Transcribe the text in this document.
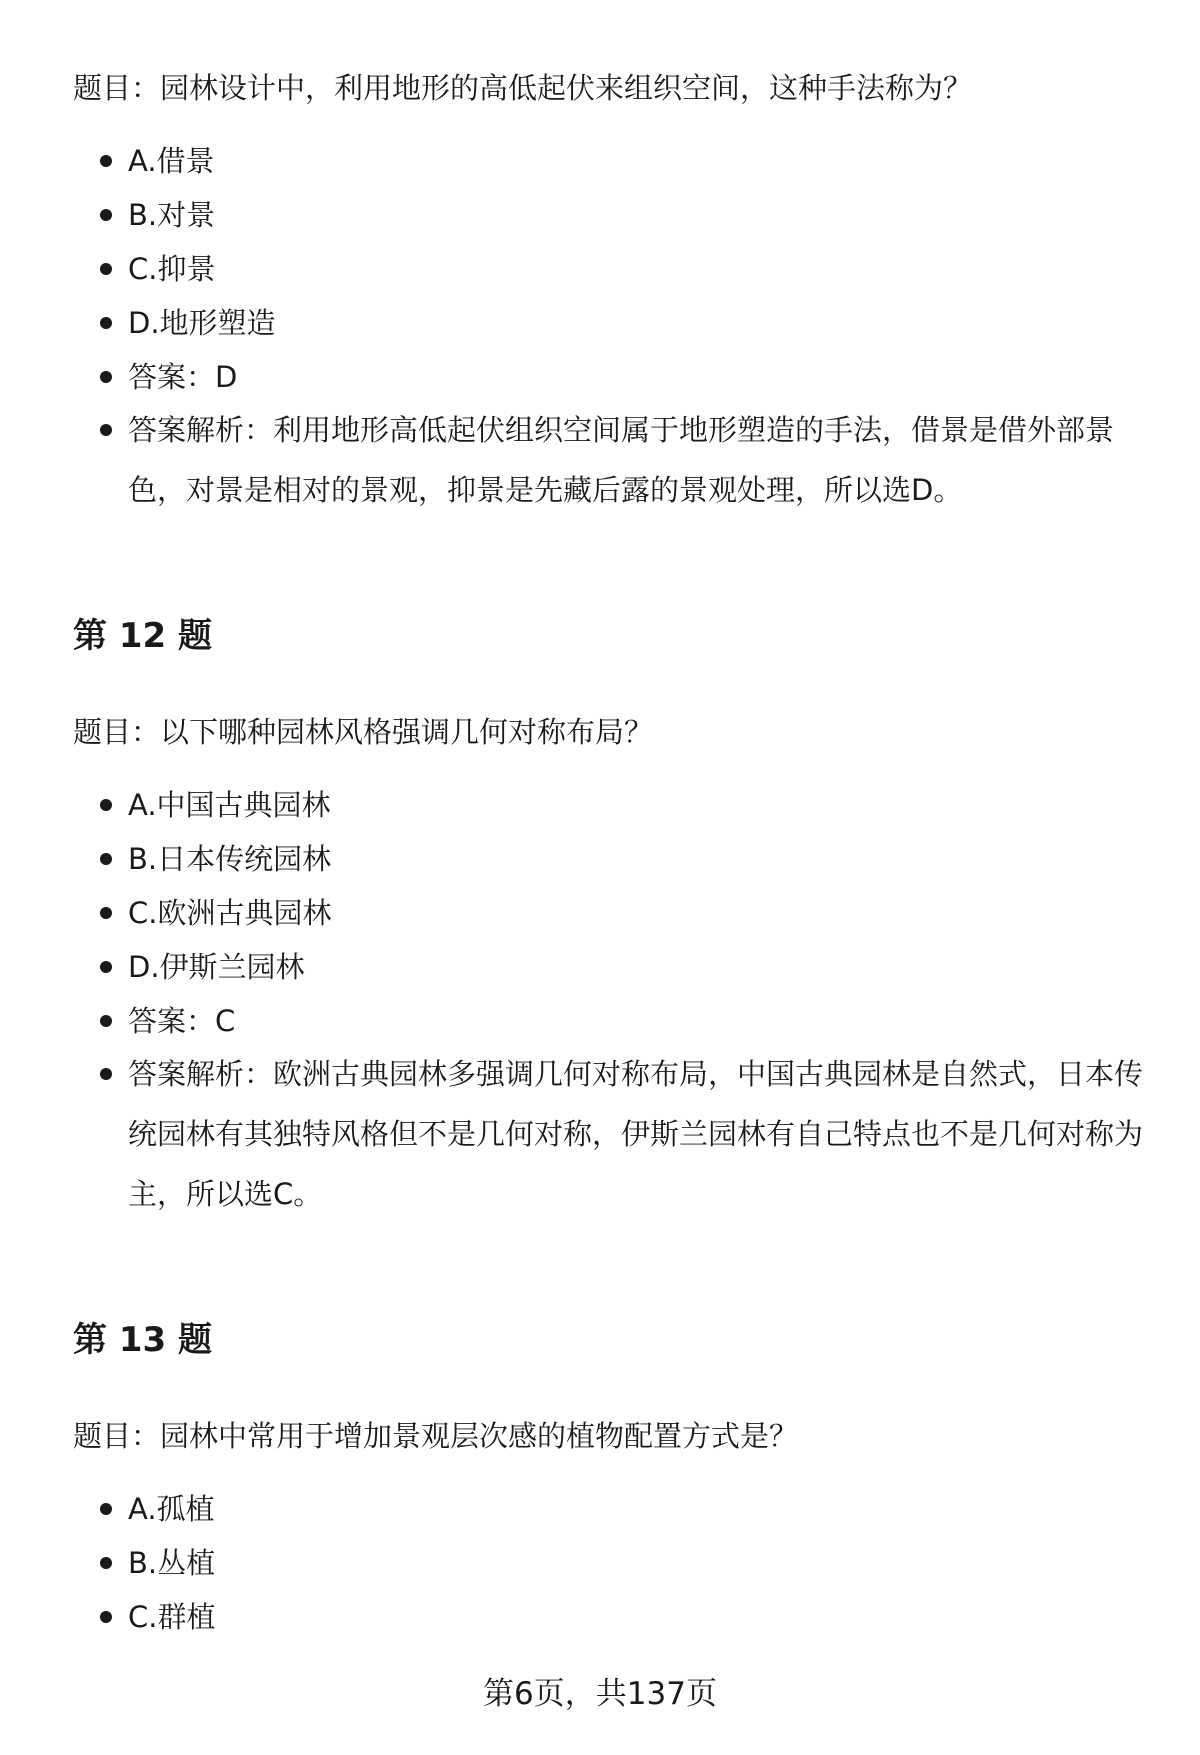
题目：园林设计中，利用地形的高低起伏来组织空间，这种手法称为？

A.借景
B.对景
C.抑景
D.地形塑造
答案：D
答案解析：利用地形高低起伏组织空间属于地形塑造的手法，借景是借外部景色，对景是相对的景观，抑景是先藏后露的景观处理，所以选D。
第 12 题

题目：以下哪种园林风格强调几何对称布局？

A.中国古典园林
B.日本传统园林
C.欧洲古典园林
D.伊斯兰园林
答案：C
答案解析：欧洲古典园林多强调几何对称布局，中国古典园林是自然式，日本传统园林有其独特风格但不是几何对称，伊斯兰园林有自己特点也不是几何对称为主，所以选C。
第 13 题

题目：园林中常用于增加景观层次感的植物配置方式是？

A.孤植
B.丛植
C.群植
第6页，共137页
